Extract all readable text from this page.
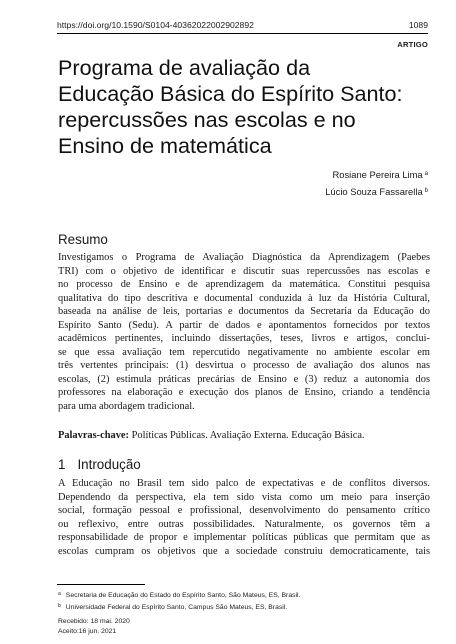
https://doi.org/10.1590/S0104-40362022002902892	1089
ARTIGO
Programa de avaliação da
Educação Básica do Espírito Santo:
repercussões nas escolas e no
Ensino de matemática
Rosiane Pereira Lima $^a$
Lúcio Souza Fassarella $^b$
Resumo
Investigamos o Programa de Avaliação Diagnóstica da Aprendizagem (Paebes
TRI) com o objetivo de identificar e discutir suas repercussões nas escolas e
no processo de Ensino e de aprendizagem da matemática. Constitui pesquisa
qualitativa do tipo descritiva e documental conduzida à luz da História Cultural,
baseada na análise de leis, portarias e documentos da Secretaria da Educação do
Espírito Santo (Sedu). A partir de dados e apontamentos fornecidos por textos
acadêmicos pertinentes, incluindo dissertações, teses, livros e artigos, conclui-
se que essa avaliação tem repercutido negativamente no ambiente escolar em
três vertentes principais: (1) desvirtua o processo de avaliação dos alunos nas
escolas, (2) estimula práticas precárias de Ensino e (3) reduz a autonomia dos
professores na elaboração e execução dos planos de Ensino, criando a tendência
para uma abordagem tradicional.
Palavras-chave: Políticas Públicas. Avaliação Externa. Educação Básica.
1 Introdução
A Educação no Brasil tem sido palco de expectativas e de conflitos diversos.
Dependendo da perspectiva, ela tem sido vista como um meio para inserção
social, formação pessoal e profissional, desenvolvimento do pensamento crítico
ou reflexivo, entre outras possibilidades. Naturalmente, os governos têm a
responsabilidade de propor e implementar políticas públicas que permitam que as
escolas cumpram os objetivos que a sociedade construiu democraticamente, tais
$^a$ Secretaria de Educação do Estado do Espírito Santo, São Mateus, ES, Brasil.
$^b$ Universidade Federal do Espírito Santo, Campus São Mateus, ES, Brasil.
Recebido: 18 mai. 2020
Aceito:16 jun. 2021
